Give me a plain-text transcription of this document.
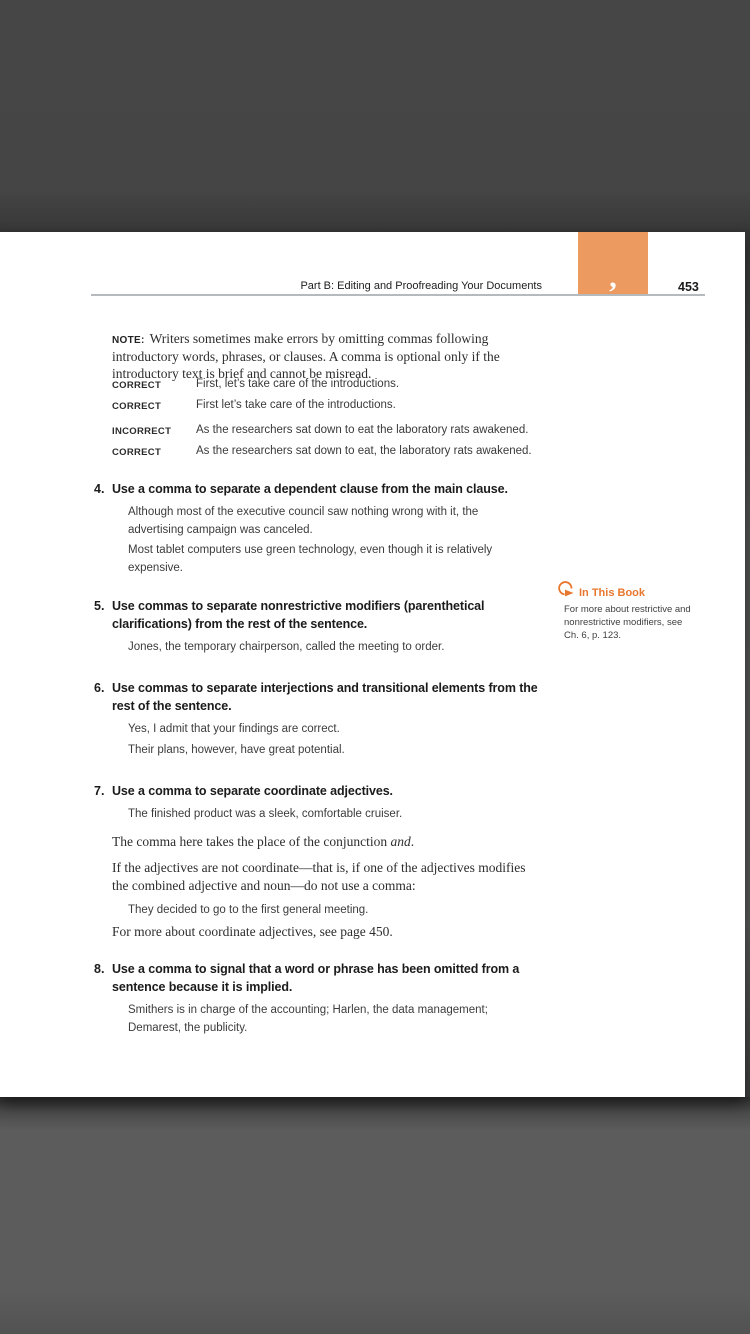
Part B: Editing and Proofreading Your Documents ,	453

NOTE: Writers sometimes make errors by omitting commas following introductory words, phrases, or clauses. A comma is optional only if the introductory text is brief and cannot be misread.

CORRECT	First, let’s take care of the introductions.
CORRECT	First let’s take care of the introductions.
INCORRECT	As the researchers sat down to eat the laboratory rats awakened.
CORRECT	As the researchers sat down to eat, the laboratory rats awakened.
4. Use a comma to separate a dependent clause from the main clause.

Although most of the executive council saw nothing wrong with it, the advertising campaign was canceled.

Most tablet computers use green technology, even though it is relatively expensive.

5. Use commas to separate nonrestrictive modifiers (parenthetical clarifications) from the rest of the sentence.

Jones, the temporary chairperson, called the meeting to order.

In This Book

For more about restrictive and nonrestrictive modifiers, see Ch. 6, p. 123.

6. Use commas to separate interjections and transitional elements from the rest of the sentence.

Yes, I admit that your findings are correct.

Their plans, however, have great potential.

7. Use a comma to separate coordinate adjectives.

The finished product was a sleek, comfortable cruiser.

The comma here takes the place of the conjunction and.

If the adjectives are not coordinate—that is, if one of the adjectives modifies the combined adjective and noun—do not use a comma:

They decided to go to the first general meeting.

For more about coordinate adjectives, see page 450.

8. Use a comma to signal that a word or phrase has been omitted from a sentence because it is implied.

Smithers is in charge of the accounting; Harlen, the data management; Demarest, the publicity.
